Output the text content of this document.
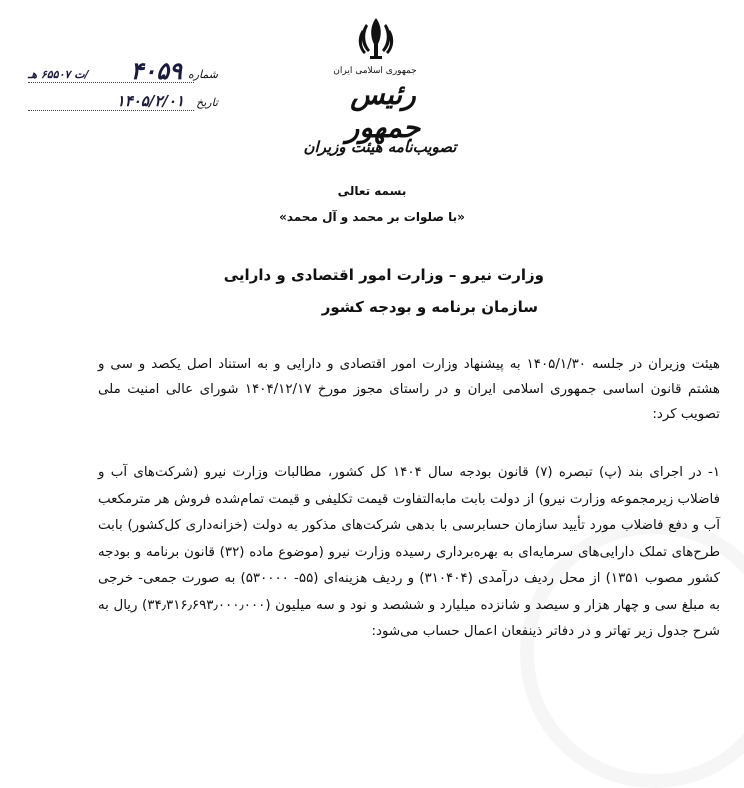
جمهوری اسلامی ایران
رئیس جمهور
تصویب‌نامه هیئت وزیران
شماره
۴۰۵۹
/ت ۶۵۵۰۷ هـ
تاریخ
۱۴۰۵/۲/۰۱
بسمه تعالی
«با صلوات بر محمد و آل محمد»
وزارت نیرو – وزارت امور اقتصادی و دارایی
سازمان برنامه و بودجه کشور
هیئت وزیران در جلسه ۱۴۰۵/۱/۳۰ به پیشنهاد وزارت امور اقتصادی و دارایی و به استناد اصل یکصد و سی و هشتم قانون اساسی جمهوری اسلامی ایران و در راستای مجوز مورخ ۱۴۰۴/۱۲/۱۷ شورای عالی امنیت ملی تصویب کرد:
۱- در اجرای بند (پ) تبصره (۷) قانون بودجه سال ۱۴۰۴ کل کشور، مطالبات وزارت نیرو (شرکت‌های آب و فاضلاب زیرمجموعه وزارت نیرو) از دولت بابت مابه‌التفاوت قیمت تکلیفی و قیمت تمام‌شده فروش هر مترمکعب آب و دفع فاضلاب مورد تأیید سازمان حسابرسی با بدهی شرکت‌های مذکور به دولت (خزانه‌داری کل‌کشور) بابت طرح‌های تملک دارایی‌های سرمایه‌ای به بهره‌برداری رسیده وزارت نیرو (موضوع ماده (۳۲) قانون برنامه و بودجه کشور مصوب ۱۳۵۱) از محل ردیف درآمدی (۳۱۰۴۰۴) و ردیف هزینه‌ای (۵۵- ۵۳۰۰۰۰) به صورت جمعی- خرجی به مبلغ سی و چهار هزار و سیصد و شانزده میلیارد و ششصد و نود و سه میلیون (۳۴٫۳۱۶٫۶۹۳٫۰۰۰٫۰۰۰) ریال به شرح جدول زیر تهاتر و در دفاتر ذینفعان اعمال حساب می‌شود:
